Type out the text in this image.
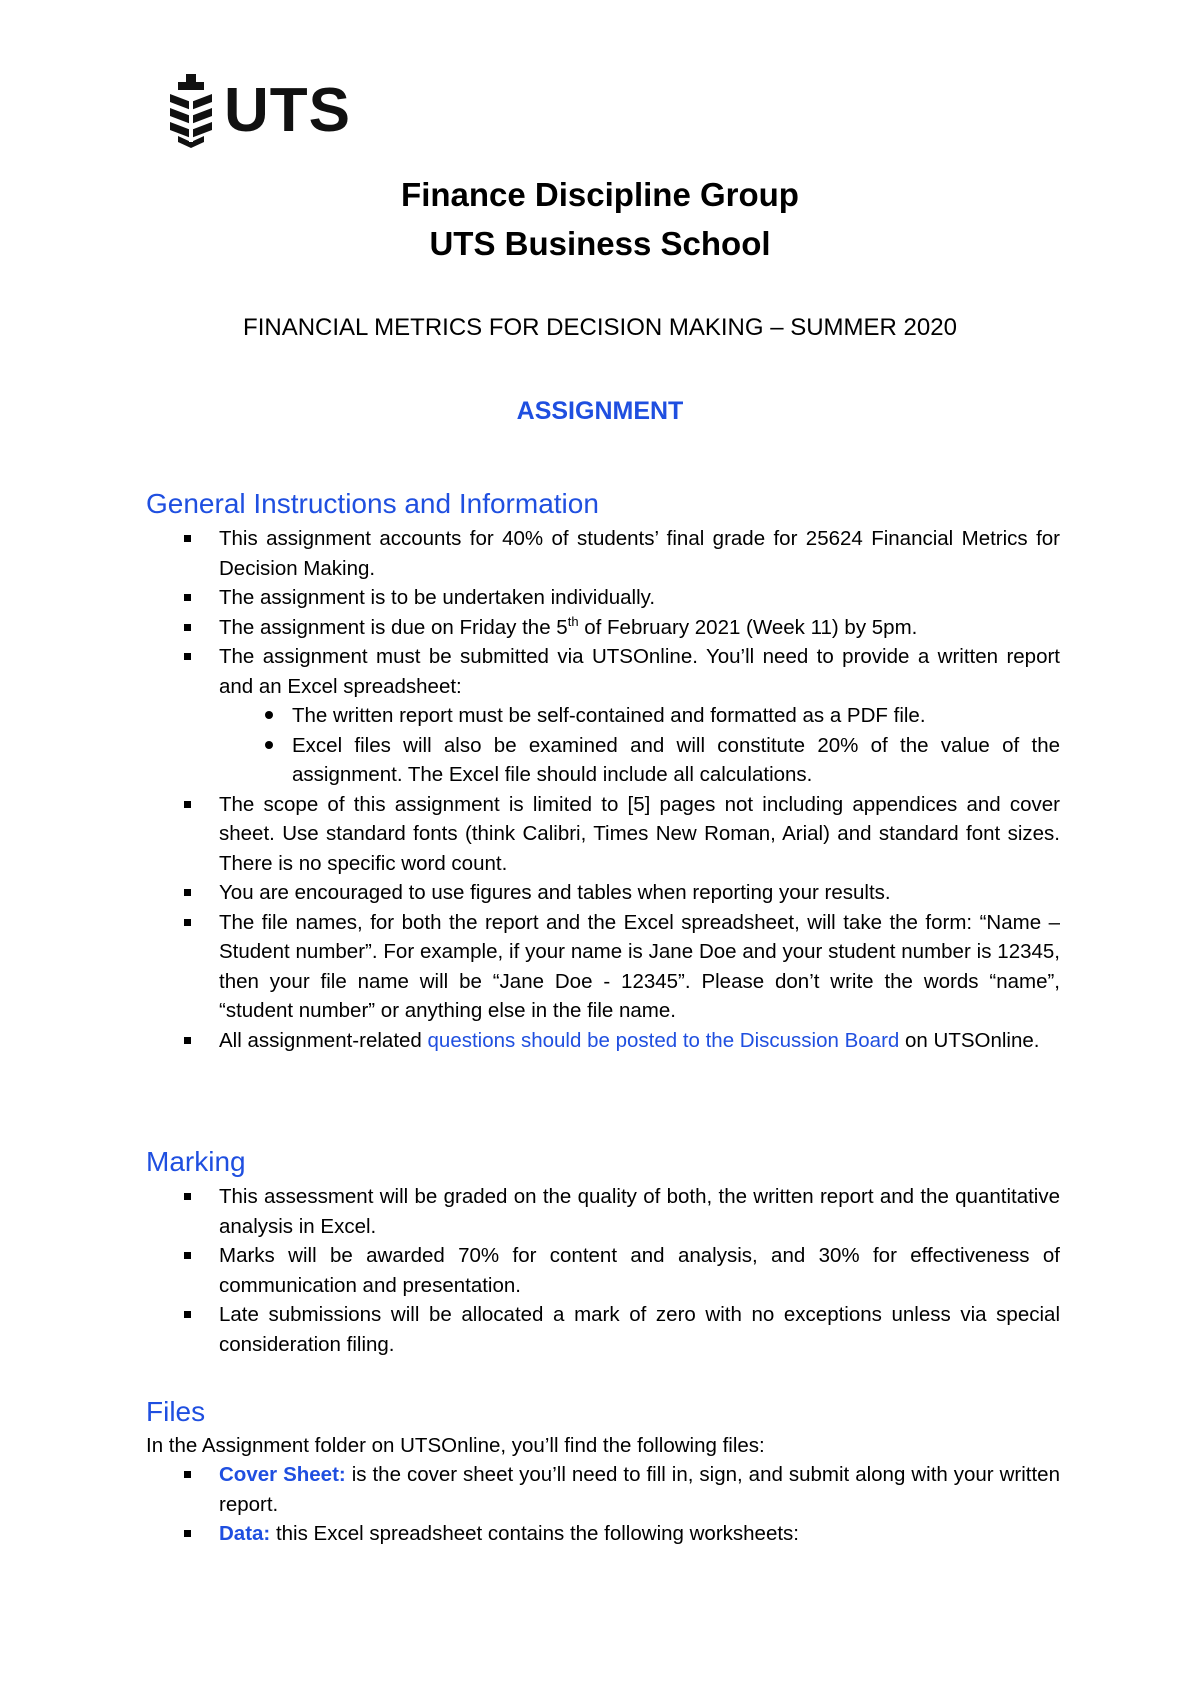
UTS
Finance Discipline Group
UTS Business School
FINANCIAL METRICS FOR DECISION MAKING – SUMMER 2020
ASSIGNMENT
General Instructions and Information
This assignment accounts for 40% of students’ final grade for 25624 Financial Metrics for Decision Making.
The assignment is to be undertaken individually.
The assignment is due on Friday the 5th of February 2021 (Week 11) by 5pm.
The assignment must be submitted via UTSOnline. You’ll need to provide a written report and an Excel spreadsheet:
The written report must be self-contained and formatted as a PDF file.
Excel files will also be examined and will constitute 20% of the value of the assignment. The Excel file should include all calculations.
The scope of this assignment is limited to [5] pages not including appendices and cover sheet. Use standard fonts (think Calibri, Times New Roman, Arial) and standard font sizes. There is no specific word count.
You are encouraged to use figures and tables when reporting your results.
The file names, for both the report and the Excel spreadsheet, will take the form: “Name – Student number”. For example, if your name is Jane Doe and your student number is 12345, then your file name will be “Jane Doe - 12345”. Please don’t write the words “name”, “student number” or anything else in the file name.
All assignment-related questions should be posted to the Discussion Board on UTSOnline.
Marking
This assessment will be graded on the quality of both, the written report and the quantitative analysis in Excel.
Marks will be awarded 70% for content and analysis, and 30% for effectiveness of communication and presentation.
Late submissions will be allocated a mark of zero with no exceptions unless via special consideration filing.
Files
In the Assignment folder on UTSOnline, you’ll find the following files:
Cover Sheet: is the cover sheet you’ll need to fill in, sign, and submit along with your written report.
Data: this Excel spreadsheet contains the following worksheets:
